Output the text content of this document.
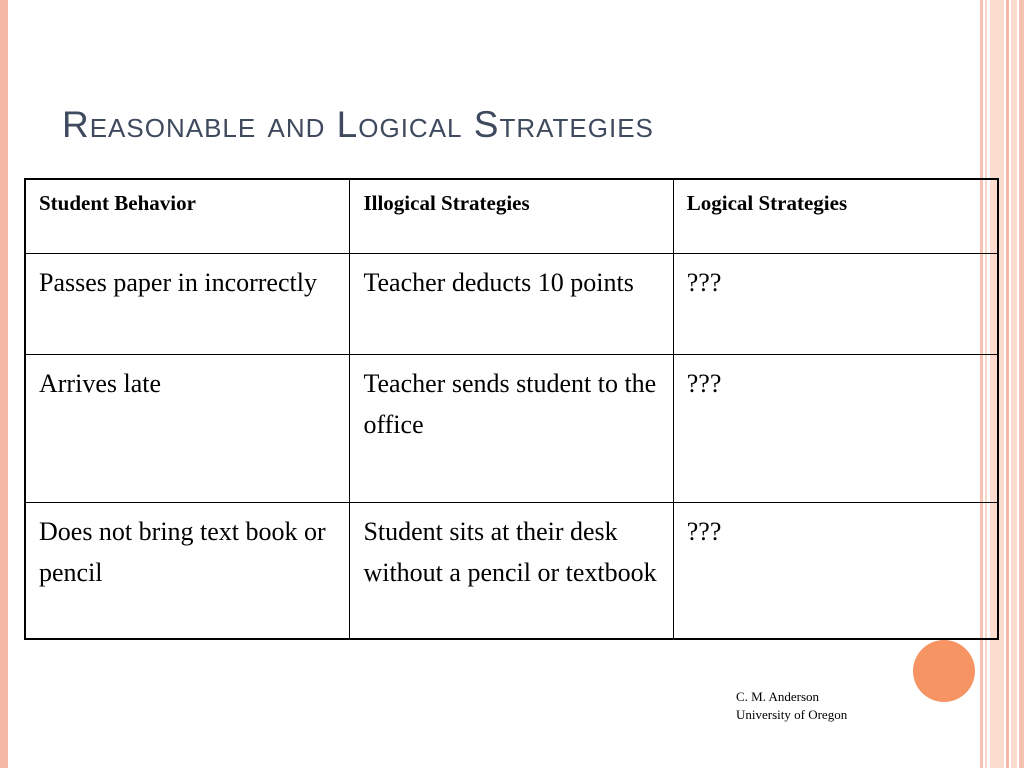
Reasonable and Logical Strategies
Student Behavior	Illogical Strategies	Logical Strategies
Passes paper in incorrectly	Teacher deducts 10 points	???
Arrives late	Teacher sends student to the office	???
Does not bring text book or pencil	Student sits at their desk without a pencil or textbook	???
C. M. Anderson
University of Oregon
